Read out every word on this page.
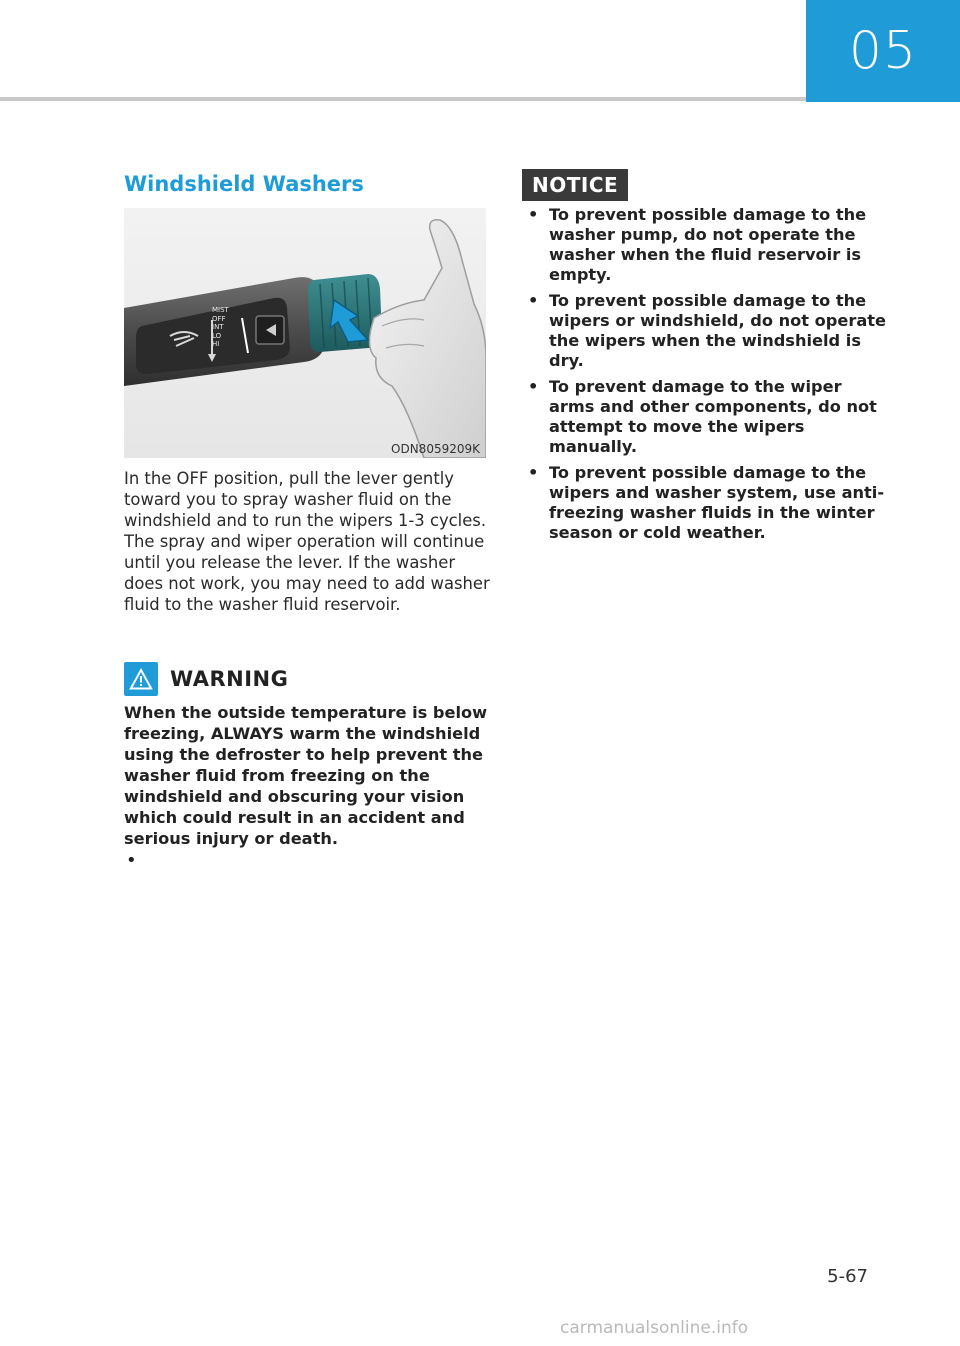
05
Windshield Washers
MIST
OFF
INT
LO
HI
ODN8059209K

In the OFF position, pull the lever gently toward you to spray washer fluid on the windshield and to run the wipers 1-3 cycles. The spray and wiper operation will continue until you release the lever. If the washer does not work, you may need to add washer fluid to the washer fluid reservoir.

WARNING

When the outside temperature is below freezing, ALWAYS warm the windshield using the defroster to help prevent the washer fluid from freezing on the windshield and obscuring your vision which could result in an accident and serious injury or death.

•
NOTICE
• To prevent possible damage to the washer pump, do not operate the washer when the fluid reservoir is empty.
• To prevent possible damage to the wipers or windshield, do not operate the wipers when the windshield is dry.
• To prevent damage to the wiper arms and other components, do not attempt to move the wipers manually.
• To prevent possible damage to the wipers and washer system, use anti-freezing washer fluids in the winter season or cold weather.
5-67
carmanualsonline.info
